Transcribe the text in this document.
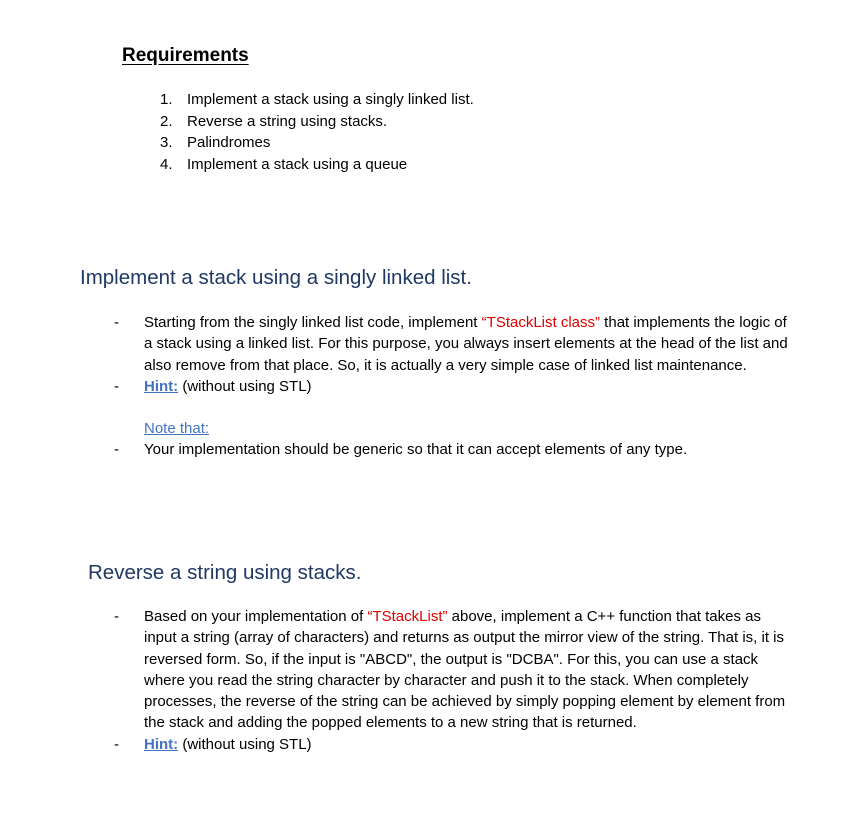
Requirements
1. Implement a stack using a singly linked list.
2. Reverse a string using stacks.
3. Palindromes
4. Implement a stack using a queue
Implement a stack using a singly linked list.
- Starting from the singly linked list code, implement “TStackList class” that implements the logic of a stack using a linked list. For this purpose, you always insert elements at the head of the list and also remove from that place. So, it is actually a very simple case of linked list maintenance.
- Hint: (without using STL)
Note that:
- Your implementation should be generic so that it can accept elements of any type.
Reverse a string using stacks.
- Based on your implementation of “TStackList” above, implement a C++ function that takes as input a string (array of characters) and returns as output the mirror view of the string. That is, it is reversed form. So, if the input is "ABCD", the output is "DCBA". For this, you can use a stack where you read the string character by character and push it to the stack. When completely processes, the reverse of the string can be achieved by simply popping element by element from the stack and adding the popped elements to a new string that is returned.
- Hint: (without using STL)
